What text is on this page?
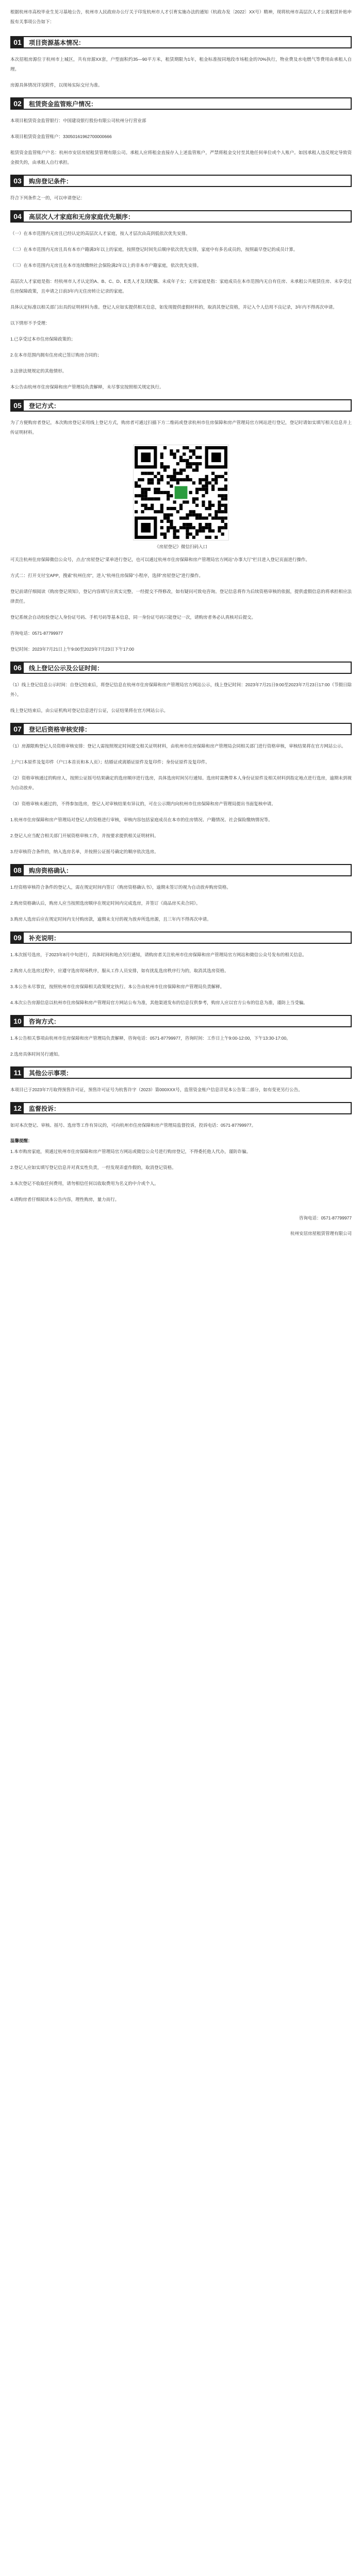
根据杭州市高校毕业生见习基地公告，杭州市人民政府办公厅关于印发杭州市人才引育实施办法的通知（杭政办发〔2022〕XX号）精神，现将杭州市高层次人才公寓租赁补贴申报有关事项公告如下：
01	项目资源基本情况：
本次招租房源位于杭州市上城区，共有房源XX套，户型面积约35—90平方米，租赁期限为1年，租金标准按同地段市场租金的70%执行，物业费及水电燃气等费用由承租人自理。
房源具体情况详见附件，以现场实际交付为准。
02	租赁资金监管账户情况：
本项目租赁资金监管银行：中国建设银行股份有限公司杭州分行营业部
本项目租赁资金监管账户：33050161962700000666
租赁资金监管账户户名：杭州市安居房屋租赁管理有限公司。承租人应将租金直接存入上述监管账户，严禁将租金交付至其他任何单位或个人账户。如因承租人违反规定导致资金损失的，由承租人自行承担。
03	购房登记条件：
符合下列条件之一的，可以申请登记：
04	高层次人才家庭和无房家庭优先顺序：
（一）在本市范围内无房且已经认定的高层次人才家庭，按人才层次由高到低依次优先安排。
（二）在本市范围内无房且具有本市户籍满3年以上的家庭，按照登记时间先后顺序依次优先安排，家庭中有多名成员的，按照最早登记的成员计算。
（三）在本市范围内无房且在本市连续缴纳社会保险满2年以上的非本市户籍家庭，依次优先安排。
高层次人才家庭是指：经杭州市人才认定的A、B、C、D、E类人才及其配偶、未成年子女；无房家庭是指：家庭成员在本市范围内无自有住房、未承租公共租赁住房、未享受过住房保障政策，且申请之日前3年内无住房转让记录的家庭。
具体认定标准以相关部门出具的证明材料为准。登记人应如实提供相关信息，如发现提供虚假材料的，取消其登记资格，并记入个人信用不良记录，3年内不得再次申请。
以下情形不予受理：
1.已享受过本市住房保障政策的；
2.在本市范围内拥有住房或已签订购房合同的；
3.法律法规规定的其他情形。
本公告由杭州市住房保障和房产管理局负责解释，未尽事宜按照相关规定执行。
05	登记方式：
为了方便购房者登记，本次购房登记采用线上登记方式，购房者可通过扫描下方二维码或登录杭州市住房保障和房产管理局官方网站进行登记，登记时请如实填写相关信息并上传证明材料。
《房屋登记》微信扫码入口
可关注杭州住房保障微信公众号，点击“房屋登记”菜单进行登记，也可以通过杭州市住房保障和房产管理局官方网站“办事大厅”栏目进入登记页面进行操作。
方式二：打开支付宝APP，搜索“杭州住房”，进入“杭州住房保障”小程序，选择“房屋登记”进行操作。
登记前请仔细阅读《购房登记须知》，登记内容填写应真实完整，一经提交不得修改，如有疑问可致电咨询。登记信息将作为后续资格审核的依据，提供虚假信息的将承担相应法律责任。
登记系统会自动校验登记人身份证号码、手机号码等基本信息，同一身份证号码只能登记一次，请购房者务必认真核对后提交。
咨询电话：0571-87799977
登记时间：2023年7月21日上午9:00至2023年7月23日下午17:00
06	线上登记公示及公证时间：
（1）线上登记信息公示时间：自登记结束后，将登记信息在杭州市住房保障和房产管理局官方网站公示，线上登记时间：2023年7月21日9:00至2023年7月23日17:00（节假日除外）。
线上登记结束后，由公证机构对登记信息进行公证，公证结果将在官方网站公示。
07	登记后资格审核安排：
（1）房源限购登记人员资格审核安排：登记人需按照规定时间提交相关证明材料，由杭州市住房保障和房产管理局会同相关部门进行资格审核，审核结果将在官方网站公示。
上户口本原件及复印件（户口本首页和本人页）；结婚证或离婚证原件及复印件；身份证原件及复印件。
（2）资格审核通过的购房人，按照公证摇号结果确定的选房顺序进行选房，具体选房时间另行通知。选房时需携带本人身份证原件及相关材料到指定地点进行选房，逾期未到视为自动放弃。
（3）资格审核未通过的，不得参加选房，登记人对审核结果有异议的，可在公示期内向杭州市住房保障和房产管理局提出书面复核申请。
1.杭州市住房保障和房产管理局对登记人的资格进行审核，审核内容包括家庭成员在本市的住房情况、户籍情况、社会保险缴纳情况等。
2.登记人应当配合相关部门开展资格审核工作，并按要求提供相关证明材料。
3.经审核符合条件的，纳入选房名单，并按照公证摇号确定的顺序依次选房。
08	购房资格确认：
1.经资格审核符合条件的登记人，需在规定时间内签订《购房资格确认书》，逾期未签订的视为自动放弃购房资格。
2.购房资格确认后，购房人应当按照选房顺序在规定时间内完成选房，并签订《商品房买卖合同》。
3.购房人选房后应在规定时间内支付购房款，逾期未支付的视为放弃所选房源，且三年内不得再次申请。
09	补充说明：
1.本次摇号选房，于2023年8月中旬进行，具体时间和地点另行通知，请购房者关注杭州市住房保障和房产管理局官方网站和微信公众号发布的相关信息。
2.购房人在选房过程中，应遵守选房现场秩序，服从工作人员安排，如有扰乱选房秩序行为的，取消其选房资格。
3.本公告未尽事宜，按照杭州市住房保障相关政策规定执行。本公告由杭州市住房保障和房产管理局负责解释。
4.本次公告房源信息以杭州市住房保障和房产管理局官方网站公布为准，其他渠道发布的信息仅供参考，购房人应以官方公布的信息为准，谨防上当受骗。
10	咨询方式：
1.本公告相关事项由杭州市住房保障和房产管理局负责解释，咨询电话：0571-87799977，咨询时间：工作日上午9:00-12:00，下午13:30-17:00。
2.选房具体时间另行通知。
11	其他公示事项：
本项目已于2023年7月取得预售许可证，预售许可证号为杭售许字（2023）第000XXX号，监管资金账户信息详见本公告第二部分，如有变更另行公告。
12	监督投诉：
如对本次登记、审核、摇号、选房等工作有异议的，可向杭州市住房保障和房产管理局监督投诉，投诉电话：0571-87799977。
温馨提醒：
1.本市购房家庭，须通过杭州市住房保障和房产管理局官方网站或微信公众号进行购房登记，不得委托他人代办，谨防诈骗。
2.登记人应如实填写登记信息并对真实性负责，一经发现弄虚作假的，取消登记资格。
3.本次登记不收取任何费用，请勿相信任何以收取费用为名义的中介或个人。
4.请购房者仔细阅读本公告内容，理性购房，量力而行。
咨询电话：0571-87799977
杭州安居房屋租赁管理有限公司
